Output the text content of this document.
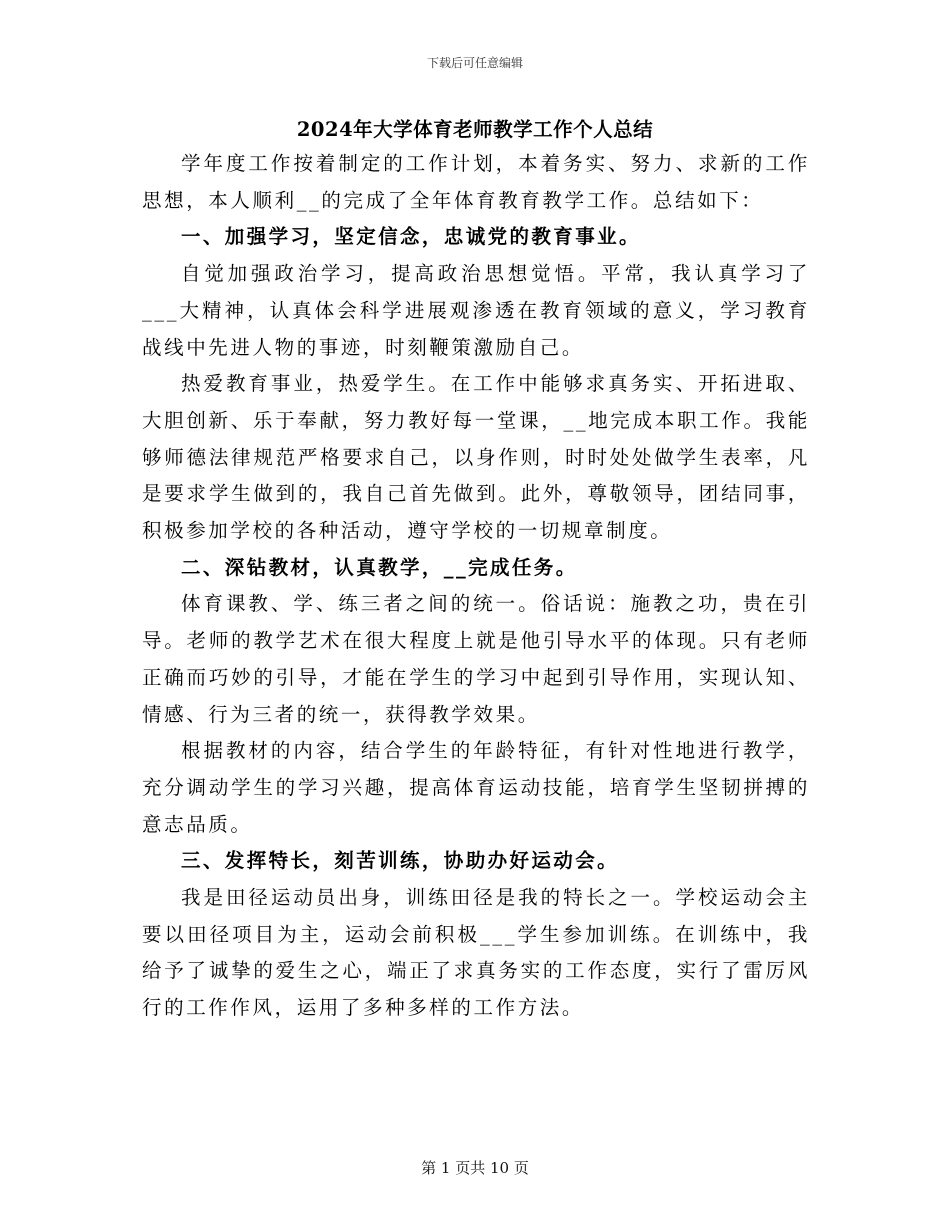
下载后可任意编辑
2024年大学体育老师教学工作个人总结

学年度工作按着制定的工作计划，本着务实、努力、求新的工作思想，本人顺利__的完成了全年体育教育教学工作。总结如下：

一、加强学习，坚定信念，忠诚党的教育事业。

自觉加强政治学习，提高政治思想觉悟。平常，我认真学习了___大精神，认真体会科学进展观渗透在教育领域的意义，学习教育战线中先进人物的事迹，时刻鞭策激励自己。

热爱教育事业，热爱学生。在工作中能够求真务实、开拓进取、大胆创新、乐于奉献，努力教好每一堂课，__地完成本职工作。我能够师德法律规范严格要求自己，以身作则，时时处处做学生表率，凡是要求学生做到的，我自己首先做到。此外，尊敬领导，团结同事，积极参加学校的各种活动，遵守学校的一切规章制度。

二、深钻教材，认真教学，__完成任务。

体育课教、学、练三者之间的统一。俗话说：施教之功，贵在引导。老师的教学艺术在很大程度上就是他引导水平的体现。只有老师正确而巧妙的引导，才能在学生的学习中起到引导作用，实现认知、情感、行为三者的统一，获得教学效果。

根据教材的内容，结合学生的年龄特征，有针对性地进行教学，充分调动学生的学习兴趣，提高体育运动技能，培育学生坚韧拼搏的意志品质。

三、发挥特长，刻苦训练，协助办好运动会。

我是田径运动员出身，训练田径是我的特长之一。学校运动会主要以田径项目为主，运动会前积极___学生参加训练。在训练中，我给予了诚挚的爱生之心，端正了求真务实的工作态度，实行了雷厉风行的工作作风，运用了多种多样的工作方法。

第 1 页共 10 页
